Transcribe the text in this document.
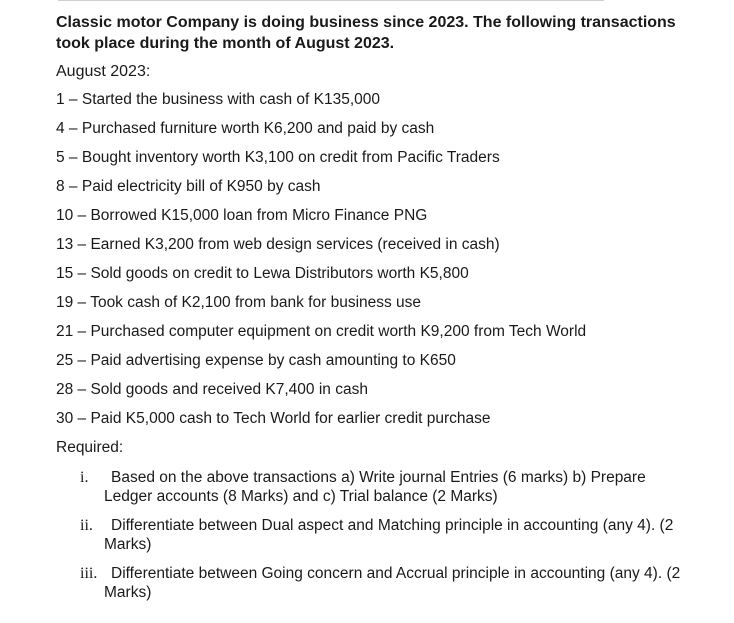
Classic motor Company is doing business since 2023. The following transactions took place during the month of August 2023.
August 2023:
1 – Started the business with cash of K135,000
4 – Purchased furniture worth K6,200 and paid by cash
5 – Bought inventory worth K3,100 on credit from Pacific Traders
8 – Paid electricity bill of K950 by cash
10 – Borrowed K15,000 loan from Micro Finance PNG
13 – Earned K3,200 from web design services (received in cash)
15 – Sold goods on credit to Lewa Distributors worth K5,800
19 – Took cash of K2,100 from bank for business use
21 – Purchased computer equipment on credit worth K9,200 from Tech World
25 – Paid advertising expense by cash amounting to K650
28 – Sold goods and received K7,400 in cash
30 – Paid K5,000 cash to Tech World for earlier credit purchase
Required:
i.	Based on the above transactions a) Write journal Entries (6 marks) b) Prepare Ledger accounts (8 Marks) and c) Trial balance (2 Marks)
ii.	Differentiate between Dual aspect and Matching principle in accounting (any 4). (2 Marks)
iii. Differentiate between Going concern and Accrual principle in accounting (any 4). (2 Marks)
